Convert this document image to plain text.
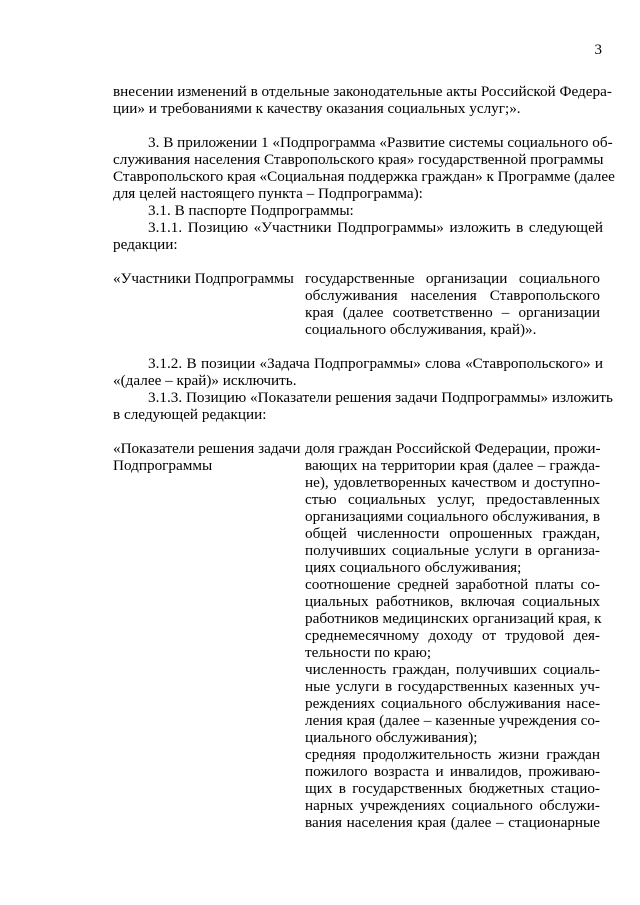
3
внесении изменений в отдельные законодательные акты Российской Федера-
ции» и требованиями к качеству оказания социальных услуг;».
3. В приложении 1 «Подпрограмма «Развитие системы социального об-
служивания населения Ставропольского края» государственной программы
Ставропольского края «Социальная поддержка граждан» к Программе (далее
для целей настоящего пункта – Подпрограмма):
3.1. В паспорте Подпрограммы:
3.1.1. Позицию «Участники Подпрограммы» изложить в следующей
редакции:
«Участники Подпрограммы государственные организации социального
обслуживания населения Ставропольского
края (далее соответственно – организации
социального обслуживания, край)».
3.1.2. В позиции «Задача Подпрограммы» слова «Ставропольского» и
«(далее – край)» исключить.
3.1.3. Позицию «Показатели решения задачи Подпрограммы» изложить
в следующей редакции:
«Показатели решения задачи
Подпрограммы
доля граждан Российской Федерации, прожи-
вающих на территории края (далее – гражда-
не), удовлетворенных качеством и доступно-
стью социальных услуг, предоставленных
организациями социального обслуживания, в
общей численности опрошенных граждан,
получивших социальные услуги в организа-
циях социального обслуживания;
соотношение средней заработной платы со-
циальных работников, включая социальных
работников медицинских организаций края, к
среднемесячному доходу от трудовой дея-
тельности по краю;
численность граждан, получивших социаль-
ные услуги в государственных казенных уч-
реждениях социального обслуживания насе-
ления края (далее – казенные учреждения со-
циального обслуживания);
средняя продолжительность жизни граждан
пожилого возраста и инвалидов, проживаю-
щих в государственных бюджетных стацио-
нарных учреждениях социального обслужи-
вания населения края (далее – стационарные
